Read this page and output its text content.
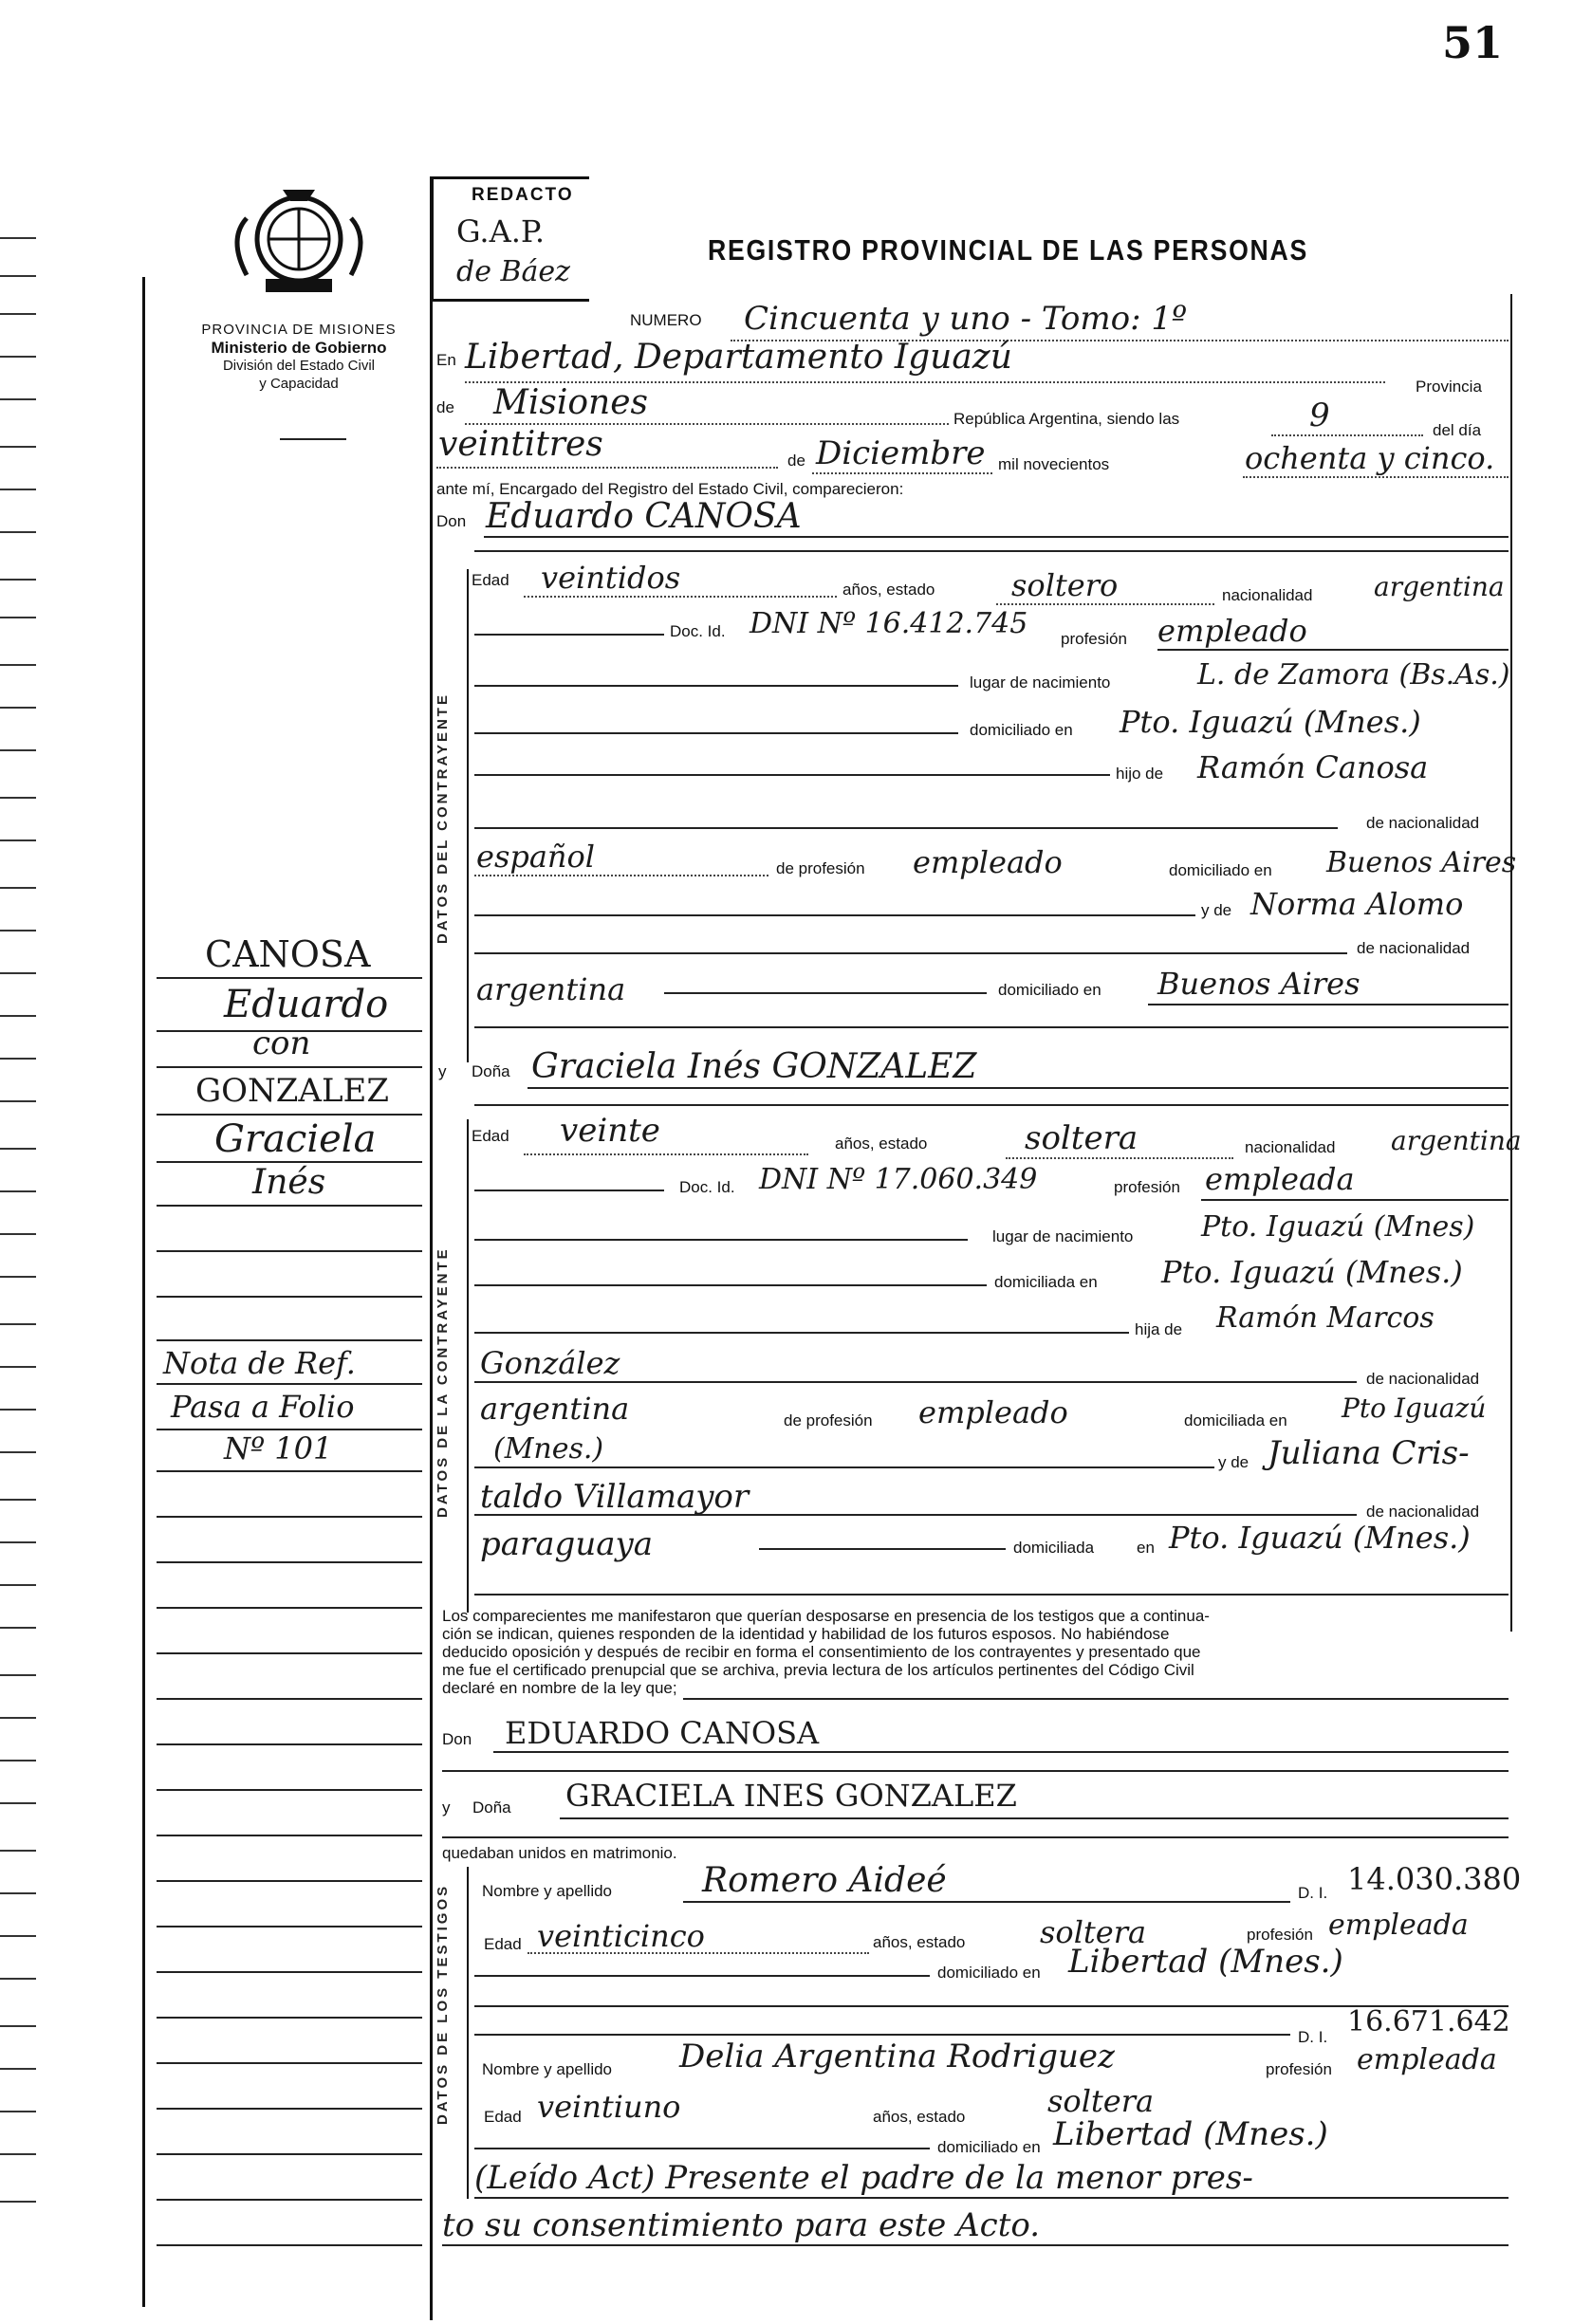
51
PROVINCIA DE MISIONES
Ministerio de Gobierno
División del Estado Civil
y Capacidad
REDACTO
G.A.P.
de Báez
REGISTRO PROVINCIAL DE LAS PERSONAS
DATOS DEL CONTRAYENTE
DATOS DE LA CONTRAYENTE
DATOS DE LOS TESTIGOS
NUMERO Cincuenta y uno - Tomo: 1º
En Libertad, Departamento Iguazú
Provincia
de Misiones	República Argentina, siendo las	9	del día
veintitres	de Diciembre mil novecientos	ochenta y cinco.
ante mí, Encargado del Registro del Estado Civil, comparecieron:
Don Eduardo CANOSA
Edad veintidos	años, estado	soltero	nacionalidad argentina
Doc. Id. DNI Nº 16.412.745 profesión empleado
lugar de nacimiento	L. de Zamora (Bs.As.)
domiciliado en Pto. Iguazú (Mnes.)
hijo de Ramón Canosa
de nacionalidad
español	de profesión empleado	domiciliado en Buenos Aires
y de Norma Alomo
de nacionalidad
argentina	domiciliado en Buenos Aires
CANOSA
Eduardo
con
GONZALEZ
Graciela
Inés
Nota de Ref.
Pasa a Folio
Nº 101
y Doña Graciela Inés GONZALEZ
Edad veinte	años, estado	soltera	nacionalidad argentina
Doc. Id. DNI Nº 17.060.349	profesión empleada
lugar de nacimiento Pto. Iguazú (Mnes)
domiciliada en Pto. Iguazú (Mnes.)
hija de Ramón Marcos
González	de nacionalidad
argentina	de profesión empleado	domiciliada en Pto Iguazú
(Mnes.)	y de Juliana Cris-
taldo Villamayor	de nacionalidad
paraguaya	domiciliada	en Pto. Iguazú (Mnes.)
Los comparecientes me manifestaron que querían desposarse en presencia de los testigos que a continua-
ción se indican, quienes responden de la identidad y habilidad de los futuros esposos. No habiéndose
deducido oposición y después de recibir en forma el consentimiento de los contrayentes y presentado que
me fue el certificado prenupcial que se archiva, previa lectura de los artículos pertinentes del Código Civil
declaré en nombre de la ley que;
Don EDUARDO CANOSA
y Doña GRACIELA INES GONZALEZ
quedaban unidos en matrimonio.
Nombre y apellido	Romero Aideé	D. I. 14.030.380
Edad veinticinco	años, estado soltera	profesión empleada
domiciliado en Libertad (Mnes.)
D. I. 16.671.642
Nombre y apellido Delia Argentina Rodriguez	profesión empleada
Edad veintiuno	años, estado	soltera
domiciliado en Libertad (Mnes.)
(Leído Act) Presente el padre de la menor pres-
to su consentimiento para este Acto.
